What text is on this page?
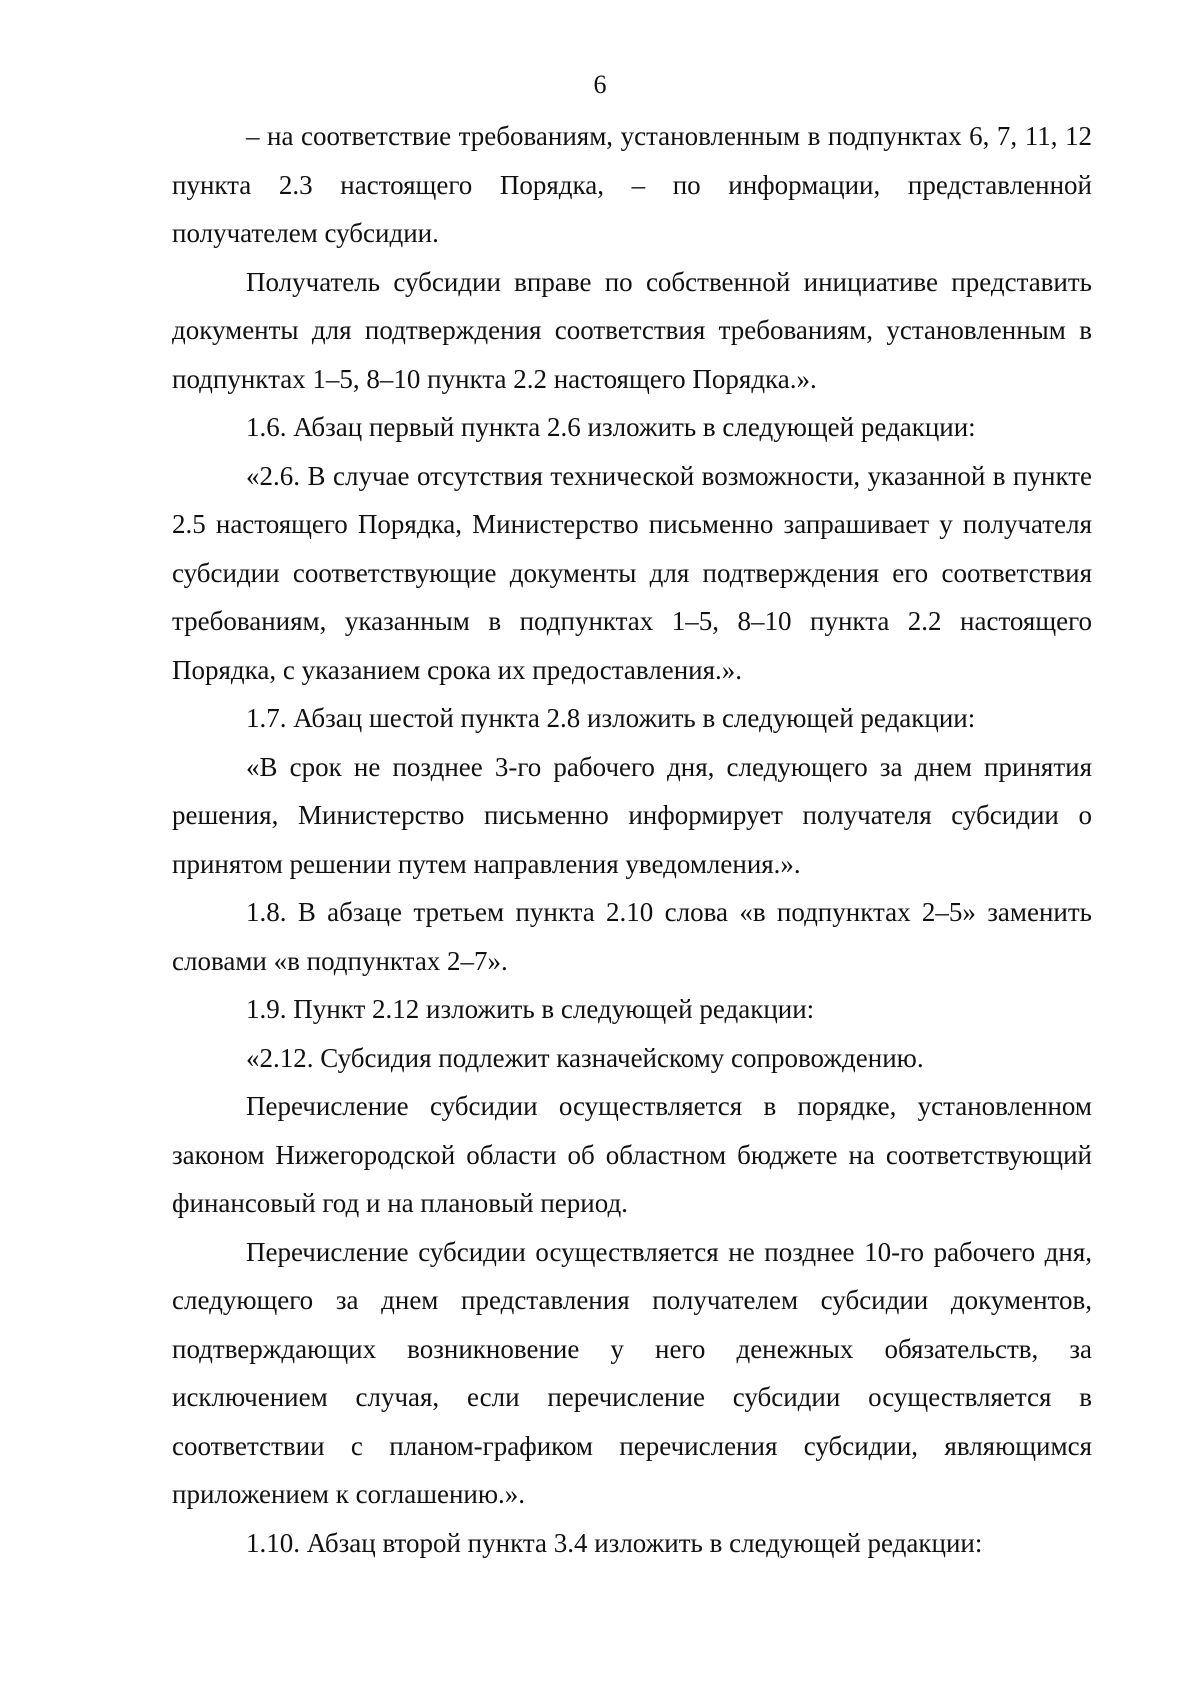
6

– на соответствие требованиям, установленным в подпунктах 6, 7, 11, 12 пункта 2.3 настоящего Порядка, – по информации, представленной получателем субсидии.

Получатель субсидии вправе по собственной инициативе представить документы для подтверждения соответствия требованиям, установленным в подпунктах 1–5, 8–10 пункта 2.2 настоящего Порядка.».

1.6. Абзац первый пункта 2.6 изложить в следующей редакции:

«2.6. В случае отсутствия технической возможности, указанной в пункте 2.5 настоящего Порядка, Министерство письменно запрашивает у получателя субсидии соответствующие документы для подтверждения его соответствия требованиям, указанным в подпунктах 1–5, 8–10 пункта 2.2 настоящего Порядка, с указанием срока их предоставления.».

1.7. Абзац шестой пункта 2.8 изложить в следующей редакции:

«В срок не позднее 3-го рабочего дня, следующего за днем принятия решения, Министерство письменно информирует получателя субсидии о принятом решении путем направления уведомления.».

1.8. В абзаце третьем пункта 2.10 слова «в подпунктах 2–5» заменить словами «в подпунктах 2–7».

1.9. Пункт 2.12 изложить в следующей редакции:

«2.12. Субсидия подлежит казначейскому сопровождению.

Перечисление субсидии осуществляется в порядке, установленном законом Нижегородской области об областном бюджете на соответствующий финансовый год и на плановый период.

Перечисление субсидии осуществляется не позднее 10-го рабочего дня, следующего за днем представления получателем субсидии документов, подтверждающих возникновение у него денежных обязательств, за исключением случая, если перечисление субсидии осуществляется в соответствии с планом-графиком перечисления субсидии, являющимся приложением к соглашению.».

1.10. Абзац второй пункта 3.4 изложить в следующей редакции:
